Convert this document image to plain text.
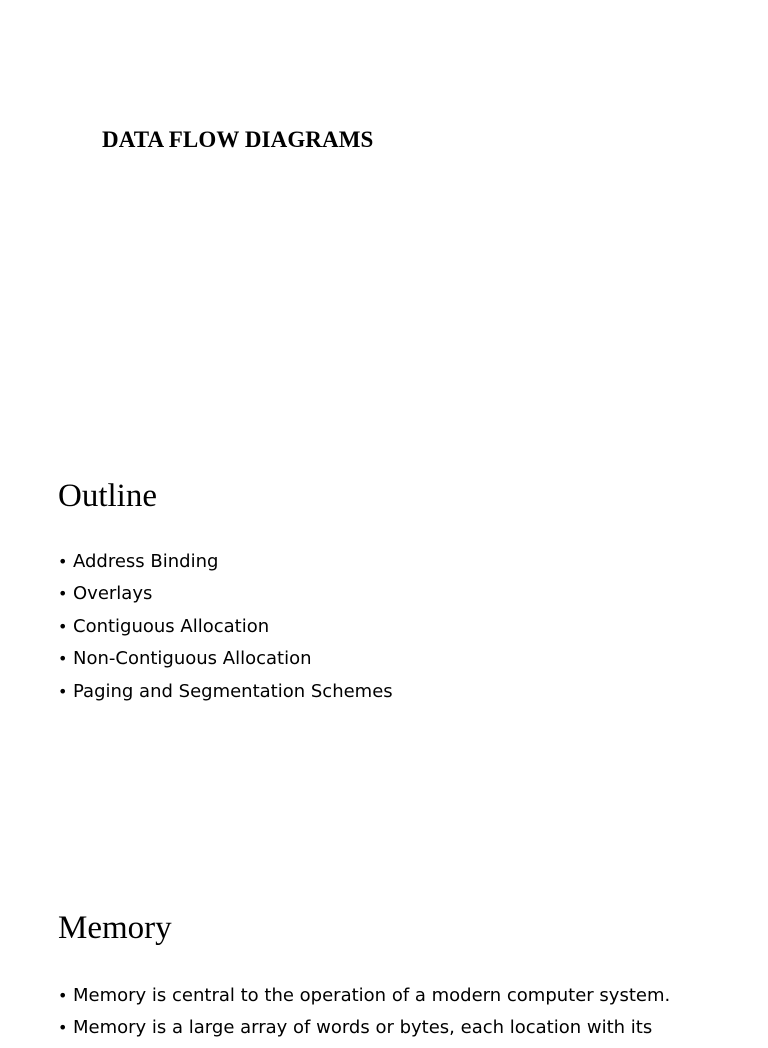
DATA FLOW DIAGRAMS
Outline
• Address Binding
• Overlays
• Contiguous Allocation
• Non-Contiguous Allocation
• Paging and Segmentation Schemes
Memory
• Memory is central to the operation of a modern computer system.
• Memory is a large array of words or bytes, each location with its
